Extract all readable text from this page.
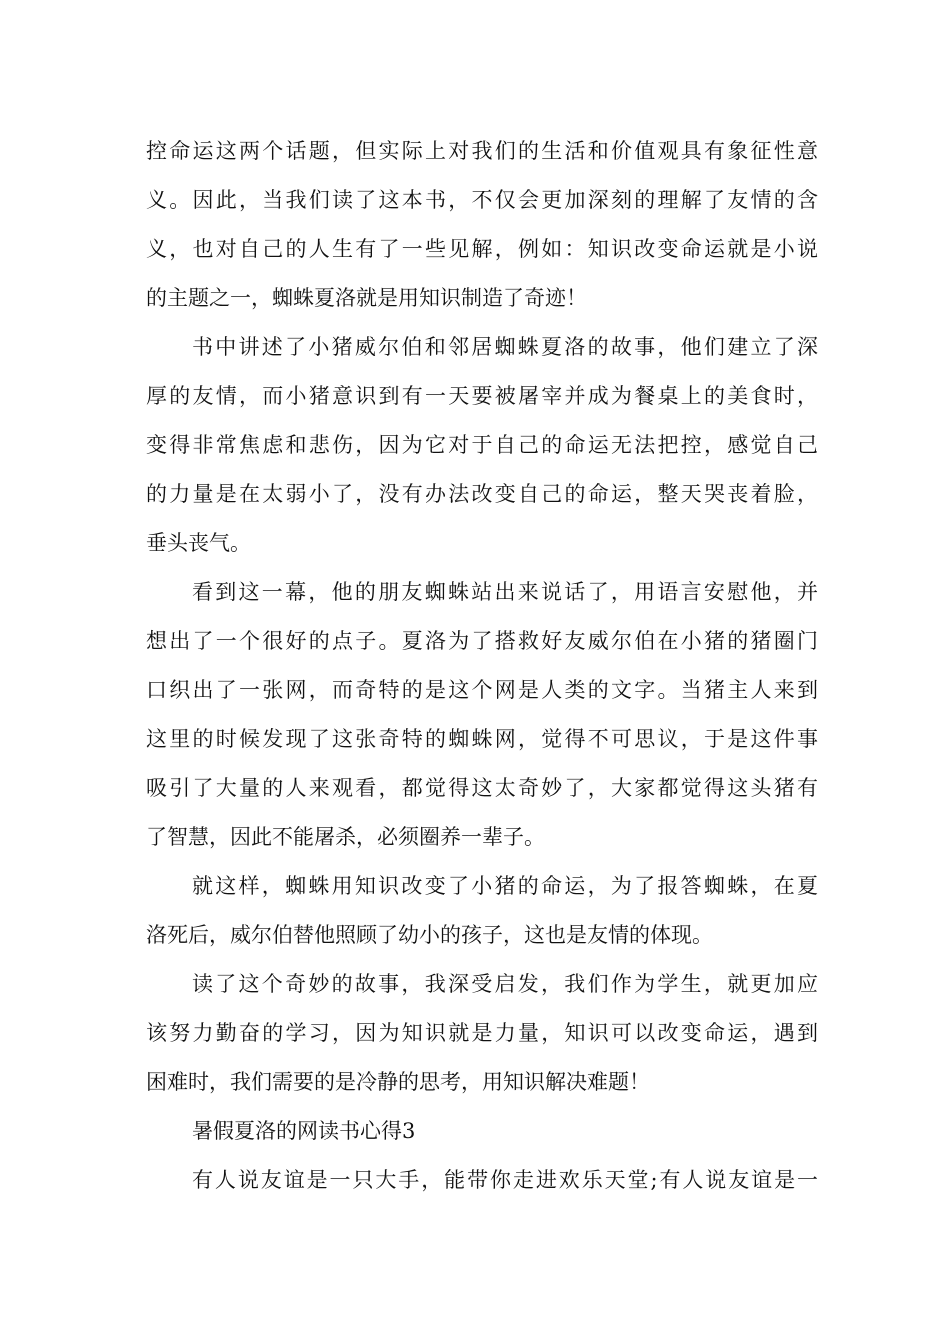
控命运这两个话题，但实际上对我们的生活和价值观具有象征性意
义。因此，当我们读了这本书，不仅会更加深刻的理解了友情的含
义，也对自己的人生有了一些见解，例如：知识改变命运就是小说
的主题之一，蜘蛛夏洛就是用知识制造了奇迹！
书中讲述了小猪威尔伯和邻居蜘蛛夏洛的故事，他们建立了深
厚的友情，而小猪意识到有一天要被屠宰并成为餐桌上的美食时，
变得非常焦虑和悲伤，因为它对于自己的命运无法把控，感觉自己
的力量是在太弱小了，没有办法改变自己的命运，整天哭丧着脸，
垂头丧气。
看到这一幕，他的朋友蜘蛛站出来说话了，用语言安慰他，并
想出了一个很好的点子。夏洛为了搭救好友威尔伯在小猪的猪圈门
口织出了一张网，而奇特的是这个网是人类的文字。当猪主人来到
这里的时候发现了这张奇特的蜘蛛网，觉得不可思议，于是这件事
吸引了大量的人来观看，都觉得这太奇妙了，大家都觉得这头猪有
了智慧，因此不能屠杀，必须圈养一辈子。
就这样，蜘蛛用知识改变了小猪的命运，为了报答蜘蛛，在夏
洛死后，威尔伯替他照顾了幼小的孩子，这也是友情的体现。
读了这个奇妙的故事，我深受启发，我们作为学生，就更加应
该努力勤奋的学习，因为知识就是力量，知识可以改变命运，遇到
困难时，我们需要的是冷静的思考，用知识解决难题！
暑假夏洛的网读书心得3
有人说友谊是一只大手，能带你走进欢乐天堂;有人说友谊是一
